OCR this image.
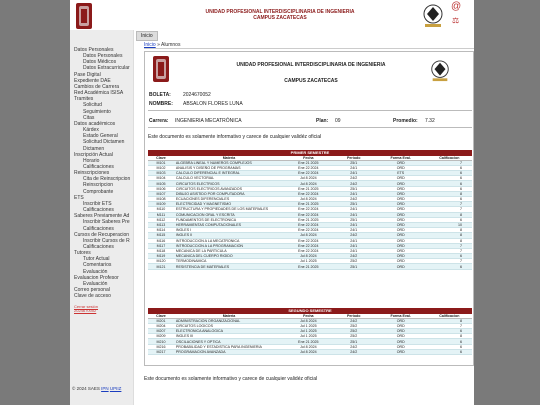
UNIDAD PROFESIONAL INTERDISCIPLINARIA DE INGENIERIA
CAMPUS ZACATECAS
@
⚖
Datos Personales
Datos Personales
Datos Médicos
Datos Extracurricular
Pase Digital
Expediente DAE
Cambios de Carrera
Red Académica ISISA
Tramites
Solicitud
Seguimiento
Citas
Datos académicos
Kárdex
Estado General
Solicitud Dictamen
Dictamen
Inscripción Actual
Horario
Calificaciones
Reinscripciones
Cita de Reinscripcion
Reinscripcion
Comprobante
ETS
Inscribir ETS
Calificaciones
Saberes Previamente Ad
Inscribir Saberes Pre
Calificaciones
Cursos de Recuperacion
Inscribir Cursos de R
Calificaciones
Tutores
Tutor Actual
Comentarios
Evaluación
Evaluacion Profesor
Evaluación
Correo personal
Clave de acceso
Cerrar sesión
2024670052
© 2024 SAES IPN UPIIZ
Inicio
Inicio » Alumnos
UNIDAD PROFESIONAL INTERDISCIPLINARIA DE INGENIERIA
CAMPUS ZACATECAS
BOLETA: 2024670052
NOMBRE: ABSALON FLORES LUNA
Carrera: INGENIERIA MECATRÓNICA	Plan: 09	Promedio: 7.32
Este documento es solamente informativo y carece de cualquier validéz oficial
PRIMER SEMESTRE					
Clave	Materia	Fecha	Periodo	Forma Eval.	Calificacion
M101	ALGEBRA LINEAL Y NUMEROS COMPLEJOS	Ene 21 2025	25/1	ORD	7
M102	ANALISIS Y DISEÑO DE PROGRAMAS	Ene 22 2024	24/1	ORD	6
M103	CALCULO DIFERENCIAL E INTEGRAL	Ene 22 2024	24/1	ETS	6
M104	CALCULO VECTORIAL	Jul 8 2024	24/2	ORD	6
M105	CIRCUITOS ELECTRICOS	Jul 8 2024	24/2	ORD	6
M106	CIRCUITOS ELECTRICOS AVANZADOS	Ene 21 2025	25/1	ORD	6
M107	DIBUJO ASISTIDO POR COMPUTADORA	Ene 22 2024	24/1	ORD	8
M108	ECUACIONES DIFERENCIALES	Jul 8 2024	24/2	ORD	6
M109	ELECTRICIDAD Y MAGNETISMO	Ene 21 2025	25/1	ORD	7
M110	ESTRUCTURA Y PROPIEDADES DE LOS MATERIALES	Ene 22 2024	24/1	ORD	7
M111	COMUNICACION ORAL Y ESCRITA	Ene 22 2024	24/1	ORD	8
M112	FUNDAMENTOS DE ELECTRONICA	Ene 21 2025	25/1	ORD	6
M113	HERRAMIENTAS COMPUTACIONALES	Ene 22 2024	24/1	ORD	10
M114	INGLES I	Ene 22 2024	24/1	ORD	8
M115	INGLES II	Jul 8 2024	24/2	ORD	8
M116	INTRODUCCION A LA MECATRONICA	Ene 22 2024	24/1	ORD	8
M117	INTRODUCCION A LA PROGRAMACION	Ene 22 2024	24/1	ORD	7
M118	MECANICA DE LA PARTICULA	Ene 22 2024	24/1	ORD	7
M119	MECANICA DEL CUERPO RIGIDO	Jul 8 2024	24/2	ORD	6
M120	TERMODINAMICA	Jul 1 2025	25/2	ORD	7
M121	RESISTENCIA DE MATERIALES	Ene 21 2025	25/1	ORD	6
SEGUNDO SEMESTRE					
Clave	Materia	Fecha	Periodo	Forma Eval.	Calificacion
M201	ADMINISTRACION ORGANIZACIONAL	Jul 8 2024	24/2	ORD	8
M204	CIRCUITOS LOGICOS	Jul 1 2025	25/2	ORD	7
M207	ELECTRONICA ANALOGICA	Jul 1 2025	25/2	ORD	6
M209	INGLES III	Jul 1 2025	25/2	ORD	8
M210	OSCILACIONES Y OPTICA	Ene 21 2025	25/1	ORD	6
M216	PROBABILIDAD Y ESTADISTICA PARA INGENIERIA	Jul 8 2024	24/2	ORD	6
M217	PROGRAMACION AVANZADA	Jul 8 2024	24/2	ORD	6
Este documento es solamente informativo y carece de cualquier validéz oficial
